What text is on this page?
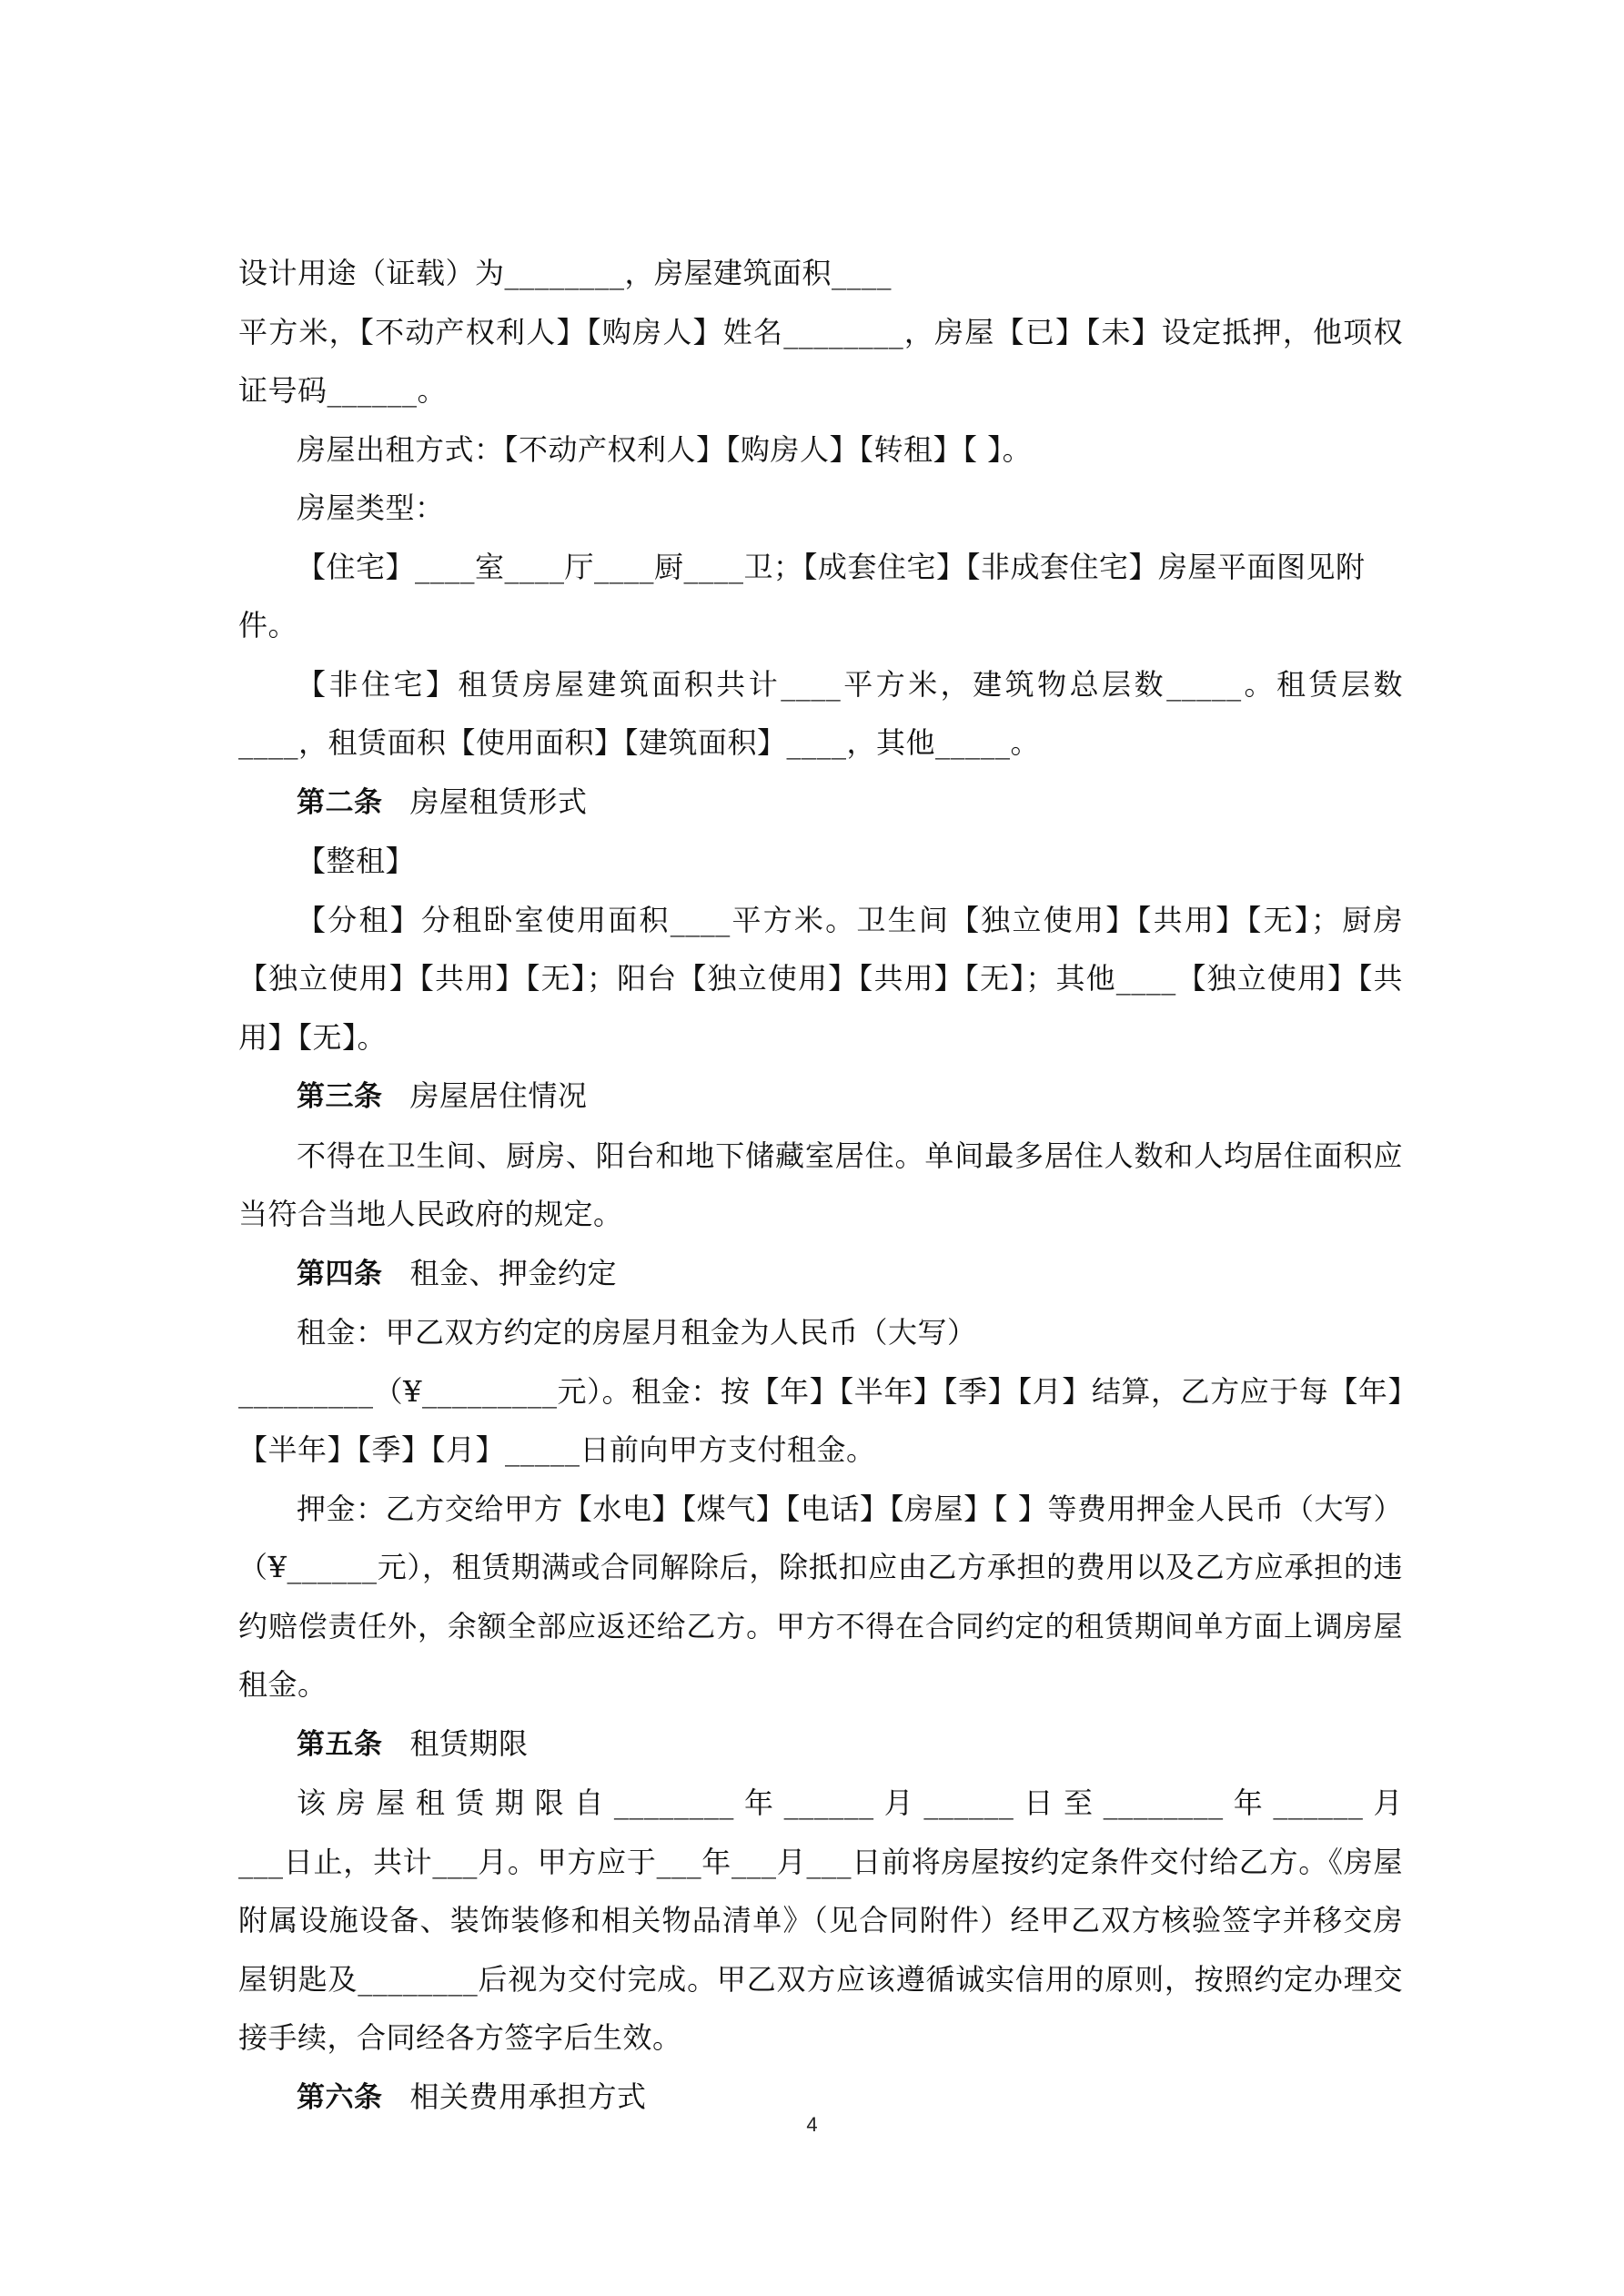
设计用途（证载）为________，房屋建筑面积____

平方米，【不动产权利人】【购房人】姓名________，房屋【已】【未】设定抵押，他项权证号码______。

房屋出租方式：【不动产权利人】【购房人】【转租】【 】。

房屋类型：

【住宅】____室____厅____厨____卫；【成套住宅】【非成套住宅】房屋平面图见附件。

【非住宅】租赁房屋建筑面积共计____平方米，建筑物总层数_____。租赁层数____，租赁面积【使用面积】【建筑面积】____，其他_____。

第二条 房屋租赁形式

【整租】

【分租】分租卧室使用面积____平方米。卫生间【独立使用】【共用】【无】；厨房【独立使用】【共用】【无】；阳台【独立使用】【共用】【无】；其他____【独立使用】【共用】【无】。

第三条 房屋居住情况

不得在卫生间、厨房、阳台和地下储藏室居住。单间最多居住人数和人均居住面积应当符合当地人民政府的规定。

第四条 租金、押金约定

租金：甲乙双方约定的房屋月租金为人民币（大写）

_________（¥_________元）。租金：按【年】【半年】【季】【月】结算，乙方应于每【年】【半年】【季】【月】_____日前向甲方支付租金。

押金：乙方交给甲方【水电】【煤气】【电话】【房屋】【 】等费用押金人民币（大写）（¥______元），租赁期满或合同解除后，除抵扣应由乙方承担的费用以及乙方应承担的违约赔偿责任外，余额全部应返还给乙方。甲方不得在合同约定的租赁期间单方面上调房屋租金。

第五条 租赁期限

该房屋租赁期限自________年______月______日至________年______月

___日止，共计___月。甲方应于___年___月___日前将房屋按约定条件交付给乙方。《房屋附属设施设备、装饰装修和相关物品清单》（见合同附件）经甲乙双方核验签字并移交房屋钥匙及________后视为交付完成。甲乙双方应该遵循诚实信用的原则，按照约定办理交接手续，合同经各方签字后生效。

第六条 相关费用承担方式

4
